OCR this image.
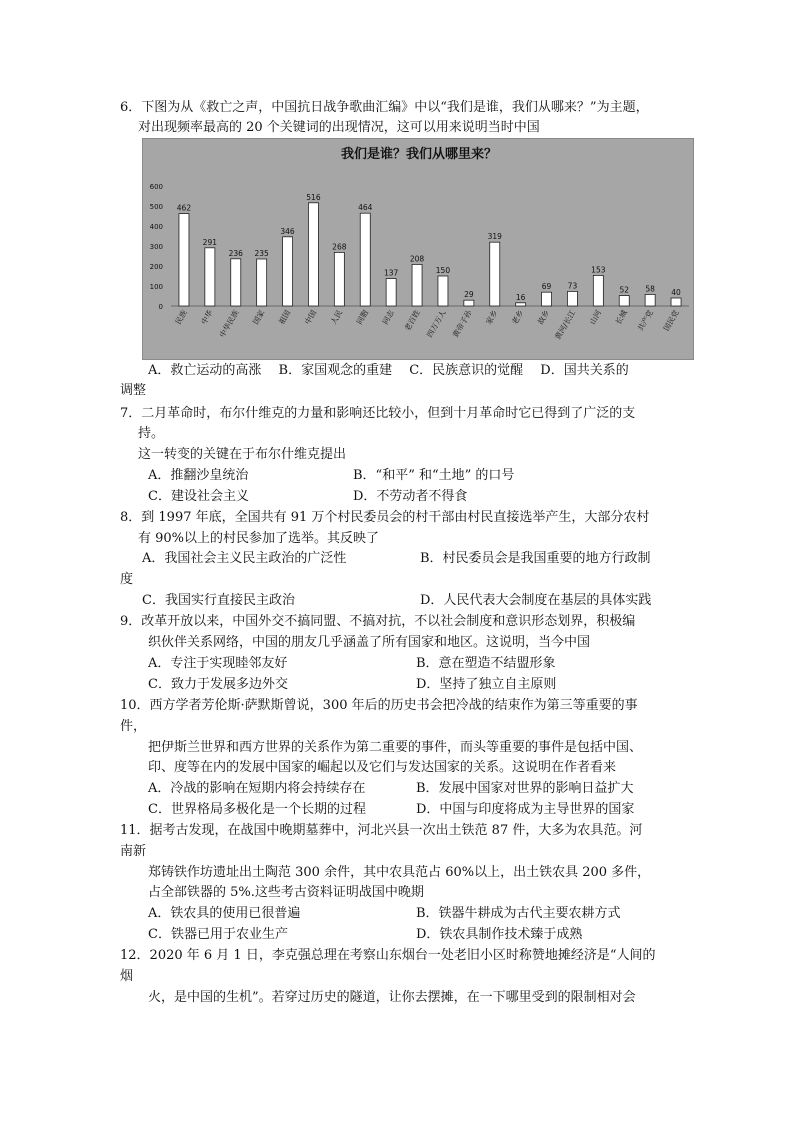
6．下图为从《救亡之声，中国抗日战争歌曲汇编》中以“我们是谁，我们从哪来？”为主题，
对出现频率最高的 20 个关键词的出现情况，这可以用来说明当时中国
我们是谁？我们从哪里来？
0
100
200
300
400
500
600
462
民族
291
中华
236
中华民族
235
国家
346
祖国
516
中国
268
人民
464
同胞
137
同志
208
老百姓
150
四万万人
29
黄帝子孙
319
家乡
16
老乡
69
故乡
73
黄河/长江
153
山河
52
长城
58
共产党
40
国民党
A．救亡运动的高涨　 B．家国观念的重建　 C．民族意识的觉醒　 D．国共关系的
调整
7．二月革命时，布尔什维克的力量和影响还比较小，但到十月革命时它已得到了广泛的支
持。
这一转变的关键在于布尔什维克提出
A．推翻沙皇统治	B．“和平” 和“土地” 的口号
C．建设社会主义	D．不劳动者不得食
8．到 1997 年底，全国共有 91 万个村民委员会的村干部由村民直接选举产生，大部分农村
有 90%以上的村民参加了选举。其反映了
A．我国社会主义民主政治的广泛性	B．村民委员会是我国重要的地方行政制
度
C．我国实行直接民主政治	D．人民代表大会制度在基层的具体实践
9．改革开放以来，中国外交不搞同盟、不搞对抗，不以社会制度和意识形态划界，积极编
织伙伴关系网络，中国的朋友几乎涵盖了所有国家和地区。这说明，当今中国
A．专注于实现睦邻友好	B．意在塑造不结盟形象
C．致力于发展多边外交	D．坚持了独立自主原则
10．西方学者芳伦斯·萨默斯曾说，300 年后的历史书会把冷战的结束作为第三等重要的事
件，
把伊斯兰世界和西方世界的关系作为第二重要的事件，而头等重要的事件是包括中国、
印、度等在内的发展中国家的崛起以及它们与发达国家的关系。这说明在作者看来
A．冷战的影响在短期内将会持续存在	B．发展中国家对世界的影响日益扩大
C．世界格局多极化是一个长期的过程	D．中国与印度将成为主导世界的国家
11．据考古发现，在战国中晚期墓葬中，河北兴县一次出土铁范 87 件，大多为农具范。河
南新
郑铸铁作坊遗址出土陶范 300 余件，其中农具范占 60%以上，出土铁农具 200 多件，
占全部铁器的 5%.这些考古资料证明战国中晚期
A．铁农具的使用已很普遍	B．铁器牛耕成为古代主要农耕方式
C．铁器已用于农业生产	D．铁农具制作技术臻于成熟
12．2020 年 6 月 1 日，李克强总理在考察山东烟台一处老旧小区时称赞地摊经济是“人间的
烟
火，是中国的生机”。若穿过历史的隧道，让你去摆摊，在一下哪里受到的限制相对会
